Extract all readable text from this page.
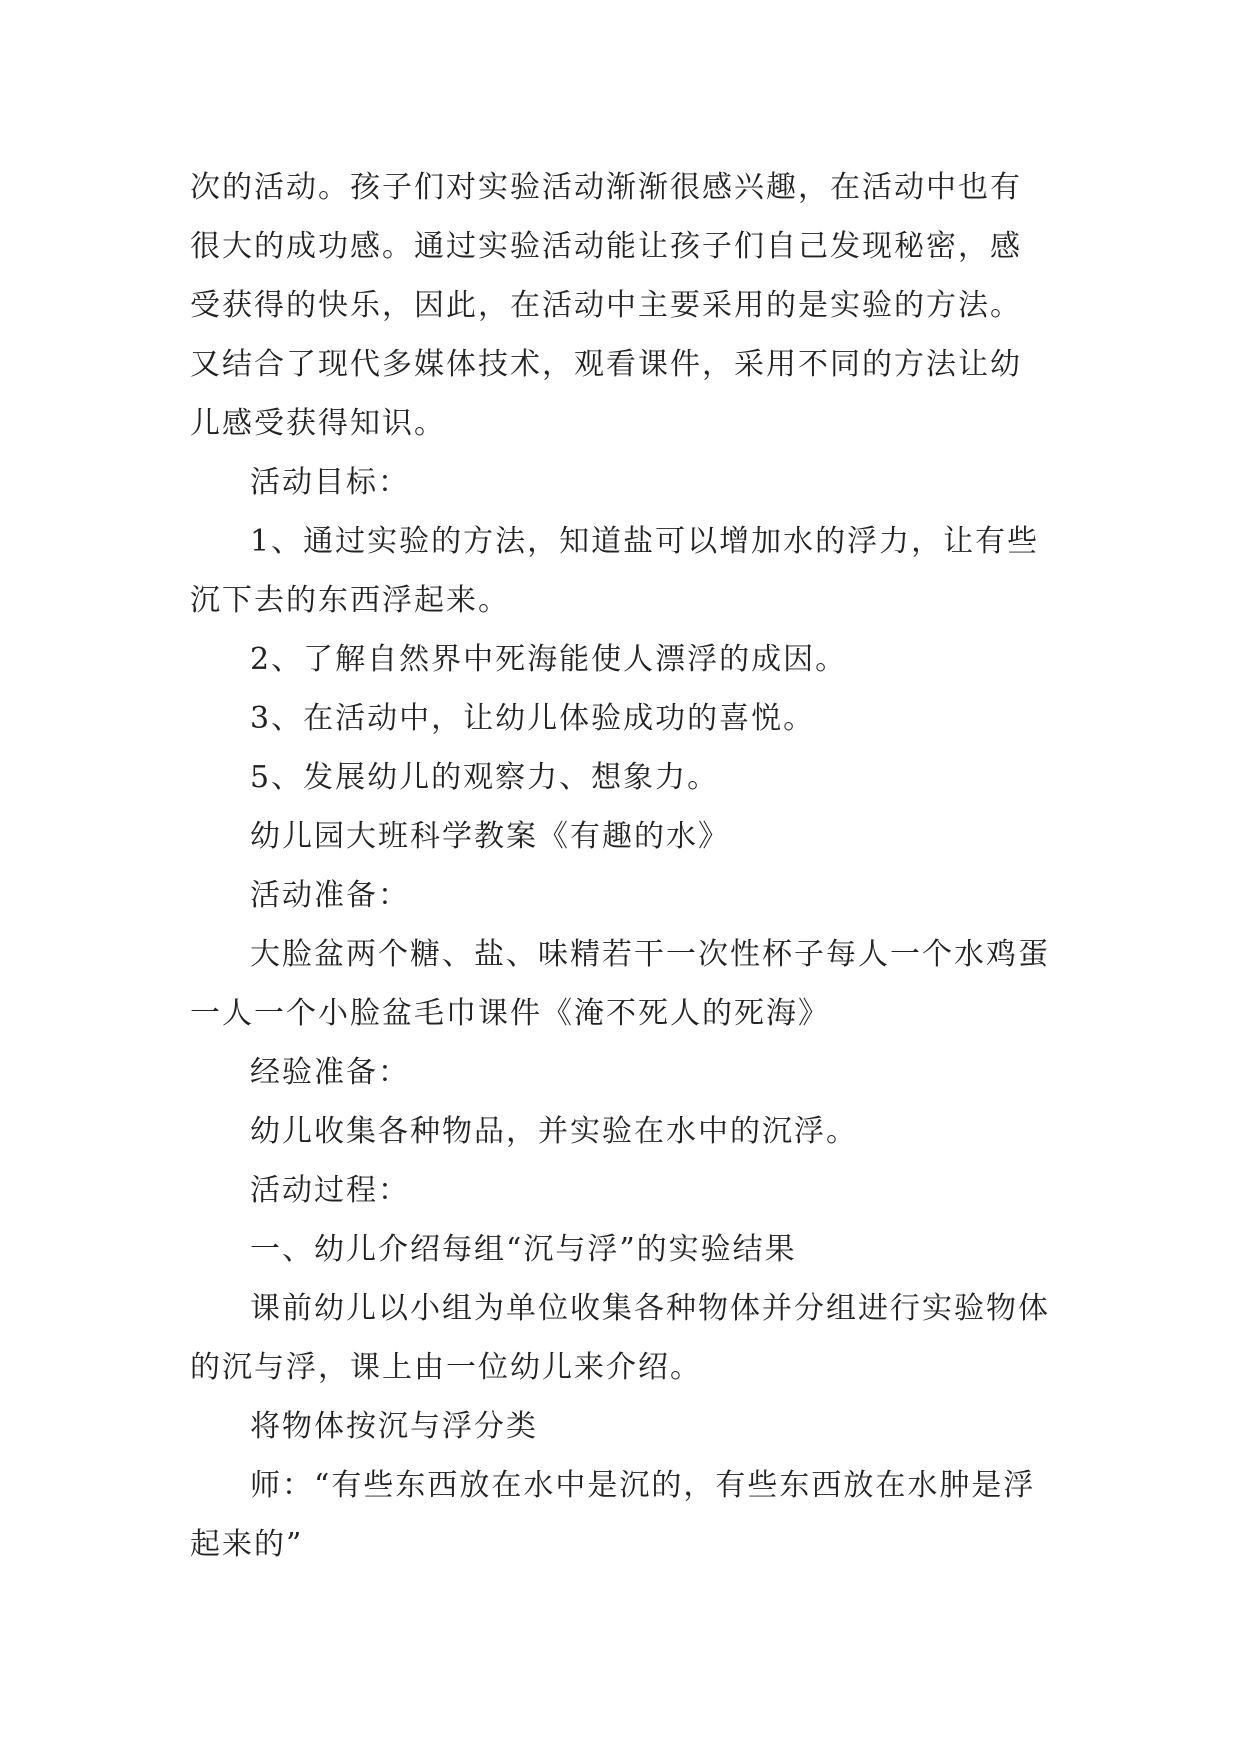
次的活动。孩子们对实验活动渐渐很感兴趣，在活动中也有很大的成功感。通过实验活动能让孩子们自己发现秘密，感受获得的快乐，因此，在活动中主要采用的是实验的方法。又结合了现代多媒体技术，观看课件，采用不同的方法让幼儿感受获得知识。

活动目标：

1、通过实验的方法，知道盐可以增加水的浮力，让有些沉下去的东西浮起来。

2、了解自然界中死海能使人漂浮的成因。

3、在活动中，让幼儿体验成功的喜悦。

5、发展幼儿的观察力、想象力。

幼儿园大班科学教案《有趣的水》

活动准备：

大脸盆两个糖、盐、味精若干一次性杯子每人一个水鸡蛋一人一个小脸盆毛巾课件《淹不死人的死海》

经验准备：

幼儿收集各种物品，并实验在水中的沉浮。

活动过程：

一、幼儿介绍每组“沉与浮”的实验结果

课前幼儿以小组为单位收集各种物体并分组进行实验物体的沉与浮，课上由一位幼儿来介绍。

将物体按沉与浮分类

师：“有些东西放在水中是沉的，有些东西放在水肿是浮起来的”
